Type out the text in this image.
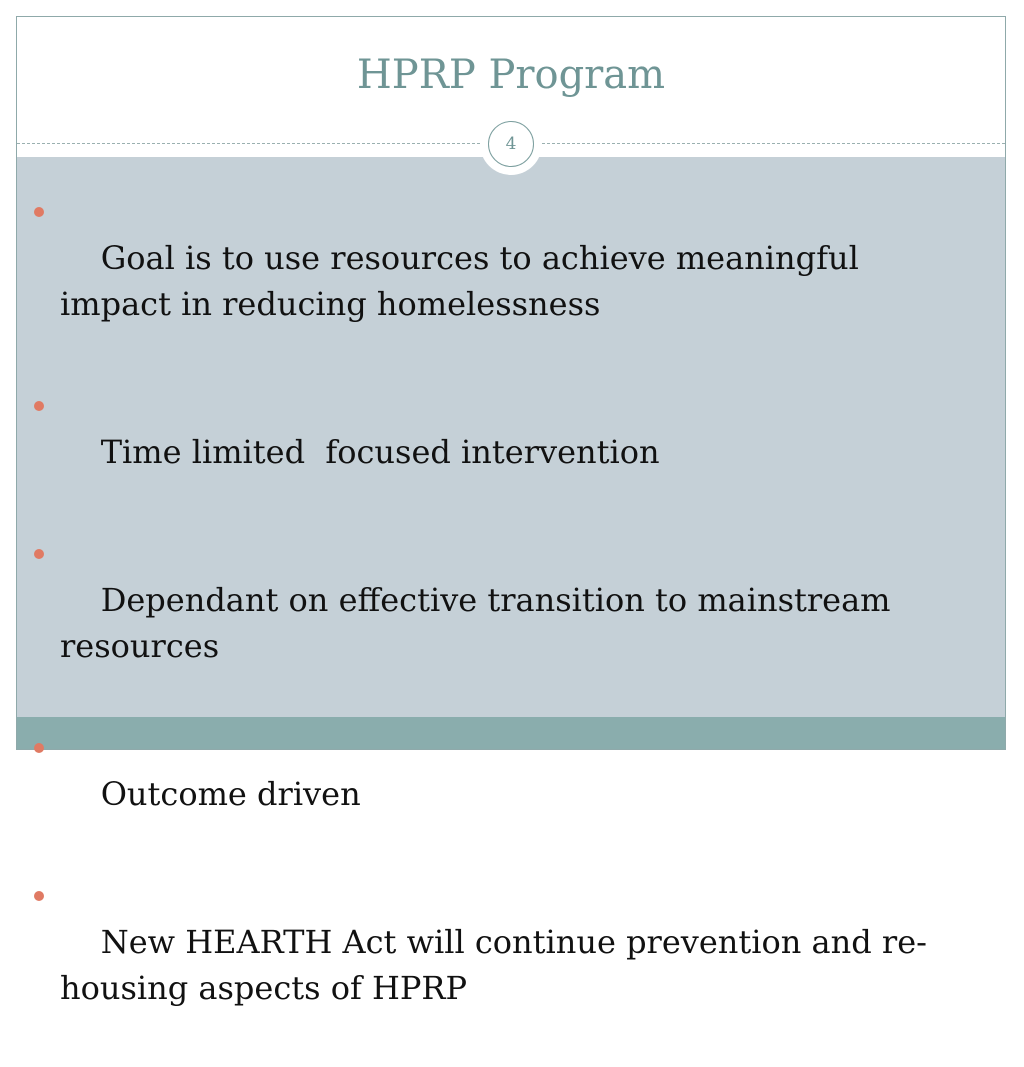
HPRP Program
4

Goal is to use resources to achieve meaningful
impact in reducing homelessness

Time limited  focused intervention

Dependant on effective transition to mainstream
resources

Outcome driven

New HEARTH Act will continue prevention and re-
housing aspects of HPRP
